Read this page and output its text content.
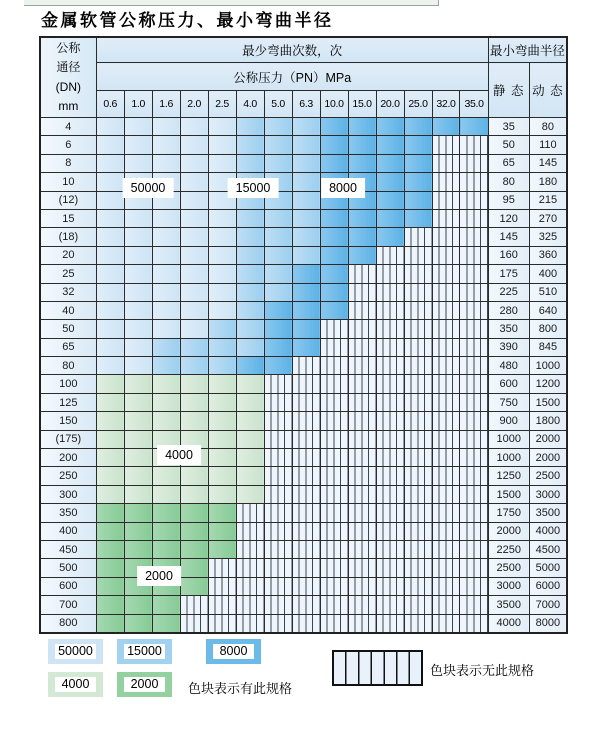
金属软管公称压力、最小弯曲半径
公称
通径
(DN)
mm	最少弯曲次数，次														最小弯曲半径	
	公称压力（PN）MPa														静 态	动 态
	0.6	1.0	1.6	2.0	2.5	4.0	5.0	6.3	10.0	15.0	20.0	25.0	32.0	35.0		
4															35	80
6															50	110
8															65	145
10															80	180
(12)															95	215
15															120	270
(18)															145	325
20															160	360
25															175	400
32															225	510
40															280	640
50															350	800
65															390	845
80															480	1000
100															600	1200
125															750	1500
150															900	1800
(175)															1000	2000
200															1000	2000
250															1250	2500
300															1500	3000
350															1750	3500
400															2000	4000
450															2250	4500
500															2500	5000
600															3000	6000
700															3500	7000
800															4000	8000
50000	15000	8000
4000
2000
50000	15000	8000
4000	2000
色块表示无此规格
色块表示有此规格
